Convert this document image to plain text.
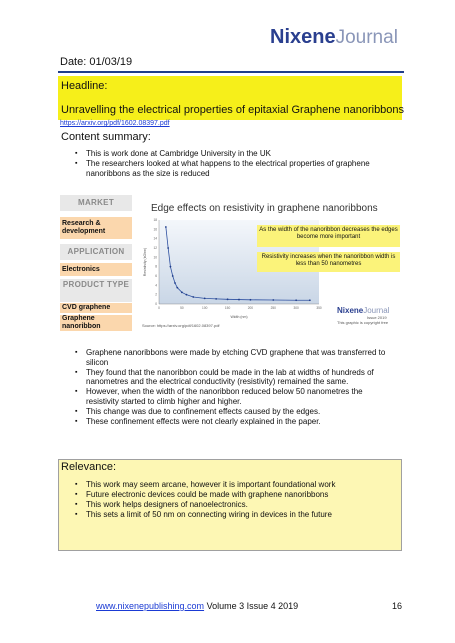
NixeneJournal
Date: 01/03/19
Headline:
Unravelling the electrical properties of epitaxial Graphene nanoribbons
https://arxiv.org/pdf/1602.08397.pdf
Content summary:
▪ This is work done at Cambridge University in the UK
▪ The researchers looked at what happens to the electrical properties of graphene nanoribbons as the size is reduced
MARKET
Research & development
APPLICATION
Electronics
PRODUCT TYPE
CVD graphene
Graphene nanoribbon
Edge effects on resistivity in graphene nanoribbons
0
2
4
6
8
10
12
14
16
18
0	50	100	150	200	250	300	350
Width (nm)
Resistivity (kOhm)
As the width of the nanoribbon decreases the edges become more important
Resistivity increases when the nanoribbon width is less than 50 nanometres
NixeneJournal
Issue 2019
This graphic is copyright free
Source: https://arxiv.org/pdf/1602.08397.pdf
▪ Graphene nanoribbons were made by etching CVD graphene that was transferred to silicon
▪ They found that the nanoribbon could be made in the lab at widths of hundreds of nanometres and the electrical conductivity (resistivity) remained the same.
▪ However, when the width of the nanoribbon reduced below 50 nanometres the resistivity started to climb higher and higher.
▪ This change was due to confinement effects caused by the edges.
▪ These confinement effects were not clearly explained in the paper.
Relevance:
▪ This work may seem arcane, however it is important foundational work
▪ Future electronic devices could be made with graphene nanoribbons
▪ This work helps designers of nanoelectronics.
▪ This sets a limit of 50 nm on connecting wiring in devices in the future
www.nixenepublishing.com Volume 3 Issue 4 2019	16
